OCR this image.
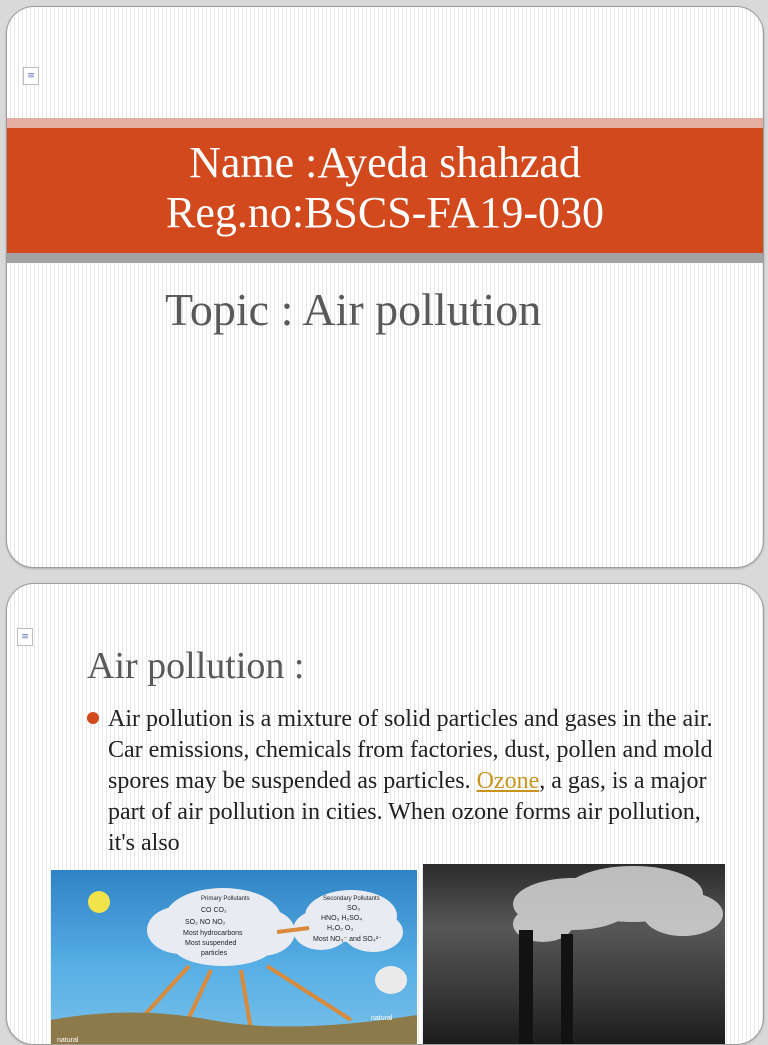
≡
Name :Ayeda shahzad
Reg.no:BSCS-FA19-030
Topic : Air pollution
≡
Air pollution :
Air pollution is a mixture of solid particles and gases in the air. Car emissions, chemicals from factories, dust, pollen and mold spores may be suspended as particles. Ozone, a gas, is a major part of air pollution in cities. When ozone forms air pollution, it's also
Primary Pollutants
CO CO₂
SO₂ NO NO₂
Most hydrocarbons
Most suspended
particles
Secondary Pollutants
SO₃
HNO₃ H₂SO₄
H₂O₂ O₃
Most NO₃⁻ and SO₄²⁻
natural
natural
